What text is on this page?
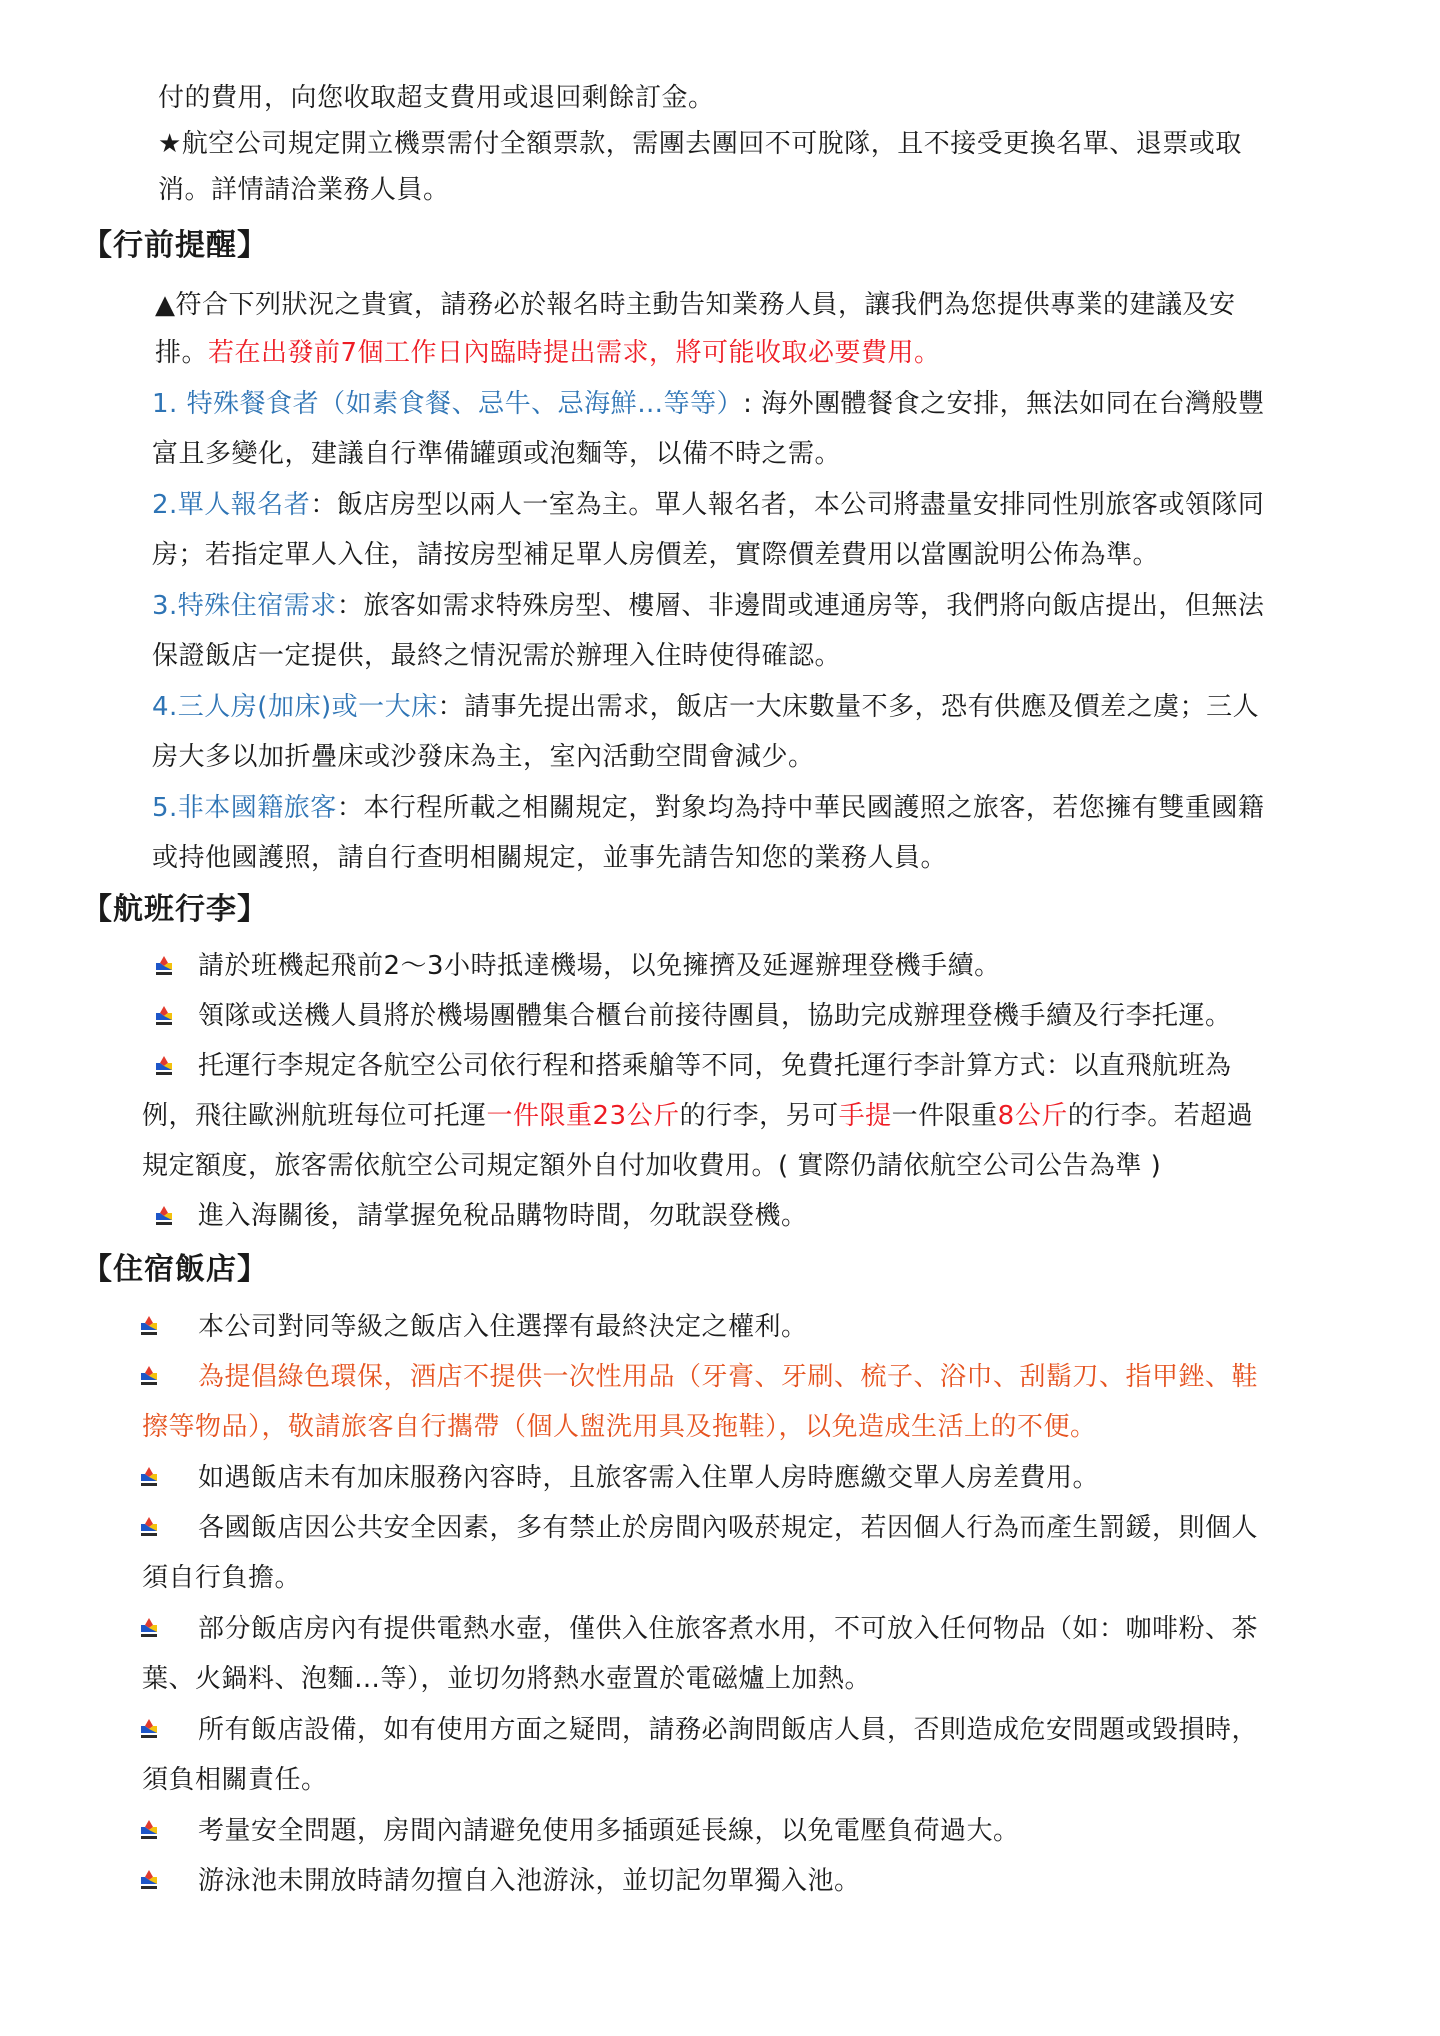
付的費用，向您收取超支費用或退回剩餘訂金。
★航空公司規定開立機票需付全額票款，需團去團回不可脫隊，且不接受更換名單、退票或取
消。詳情請洽業務人員。
【行前提醒】
▲符合下列狀況之貴賓，請務必於報名時主動告知業務人員，讓我們為您提供專業的建議及安
排。若在出發前7個工作日內臨時提出需求，將可能收取必要費用。
1. 特殊餐食者（如素食餐、忌牛、忌海鮮…等等）: 海外團體餐食之安排，無法如同在台灣般豐
富且多變化，建議自行準備罐頭或泡麵等，以備不時之需。
2.單人報名者：飯店房型以兩人一室為主。單人報名者，本公司將盡量安排同性別旅客或領隊同
房；若指定單人入住，請按房型補足單人房價差，實際價差費用以當團說明公佈為準。
3.特殊住宿需求：旅客如需求特殊房型、樓層、非邊間或連通房等，我們將向飯店提出，但無法
保證飯店一定提供，最終之情況需於辦理入住時使得確認。
4.三人房(加床)或一大床：請事先提出需求，飯店一大床數量不多，恐有供應及價差之虞；三人
房大多以加折疊床或沙發床為主，室內活動空間會減少。
5.非本國籍旅客：本行程所載之相關規定，對象均為持中華民國護照之旅客，若您擁有雙重國籍
或持他國護照，請自行查明相關規定，並事先請告知您的業務人員。
【航班行李】
請於班機起飛前2～3小時抵達機場，以免擁擠及延遲辦理登機手續。
領隊或送機人員將於機場團體集合櫃台前接待團員，協助完成辦理登機手續及行李托運。
托運行李規定各航空公司依行程和搭乘艙等不同，免費托運行李計算方式：以直飛航班為
例，飛往歐洲航班每位可托運一件限重23公斤的行李，另可手提一件限重8公斤的行李。若超過
規定額度，旅客需依航空公司規定額外自付加收費用。( 實際仍請依航空公司公告為準 )
進入海關後，請掌握免稅品購物時間，勿耽誤登機。
【住宿飯店】
本公司對同等級之飯店入住選擇有最終決定之權利。
為提倡綠色環保，酒店不提供一次性用品（牙膏、牙刷、梳子、浴巾、刮鬍刀、指甲銼、鞋
擦等物品），敬請旅客自行攜帶（個人盥洗用具及拖鞋），以免造成生活上的不便。
如遇飯店未有加床服務內容時，且旅客需入住單人房時應繳交單人房差費用。
各國飯店因公共安全因素，多有禁止於房間內吸菸規定，若因個人行為而產生罰鍰，則個人
須自行負擔。
部分飯店房內有提供電熱水壺，僅供入住旅客煮水用，不可放入任何物品（如：咖啡粉、茶
葉、火鍋料、泡麵…等），並切勿將熱水壺置於電磁爐上加熱。
所有飯店設備，如有使用方面之疑問，請務必詢問飯店人員，否則造成危安問題或毀損時，
須負相關責任。
考量安全問題，房間內請避免使用多插頭延長線，以免電壓負荷過大。
游泳池未開放時請勿擅自入池游泳，並切記勿單獨入池。
